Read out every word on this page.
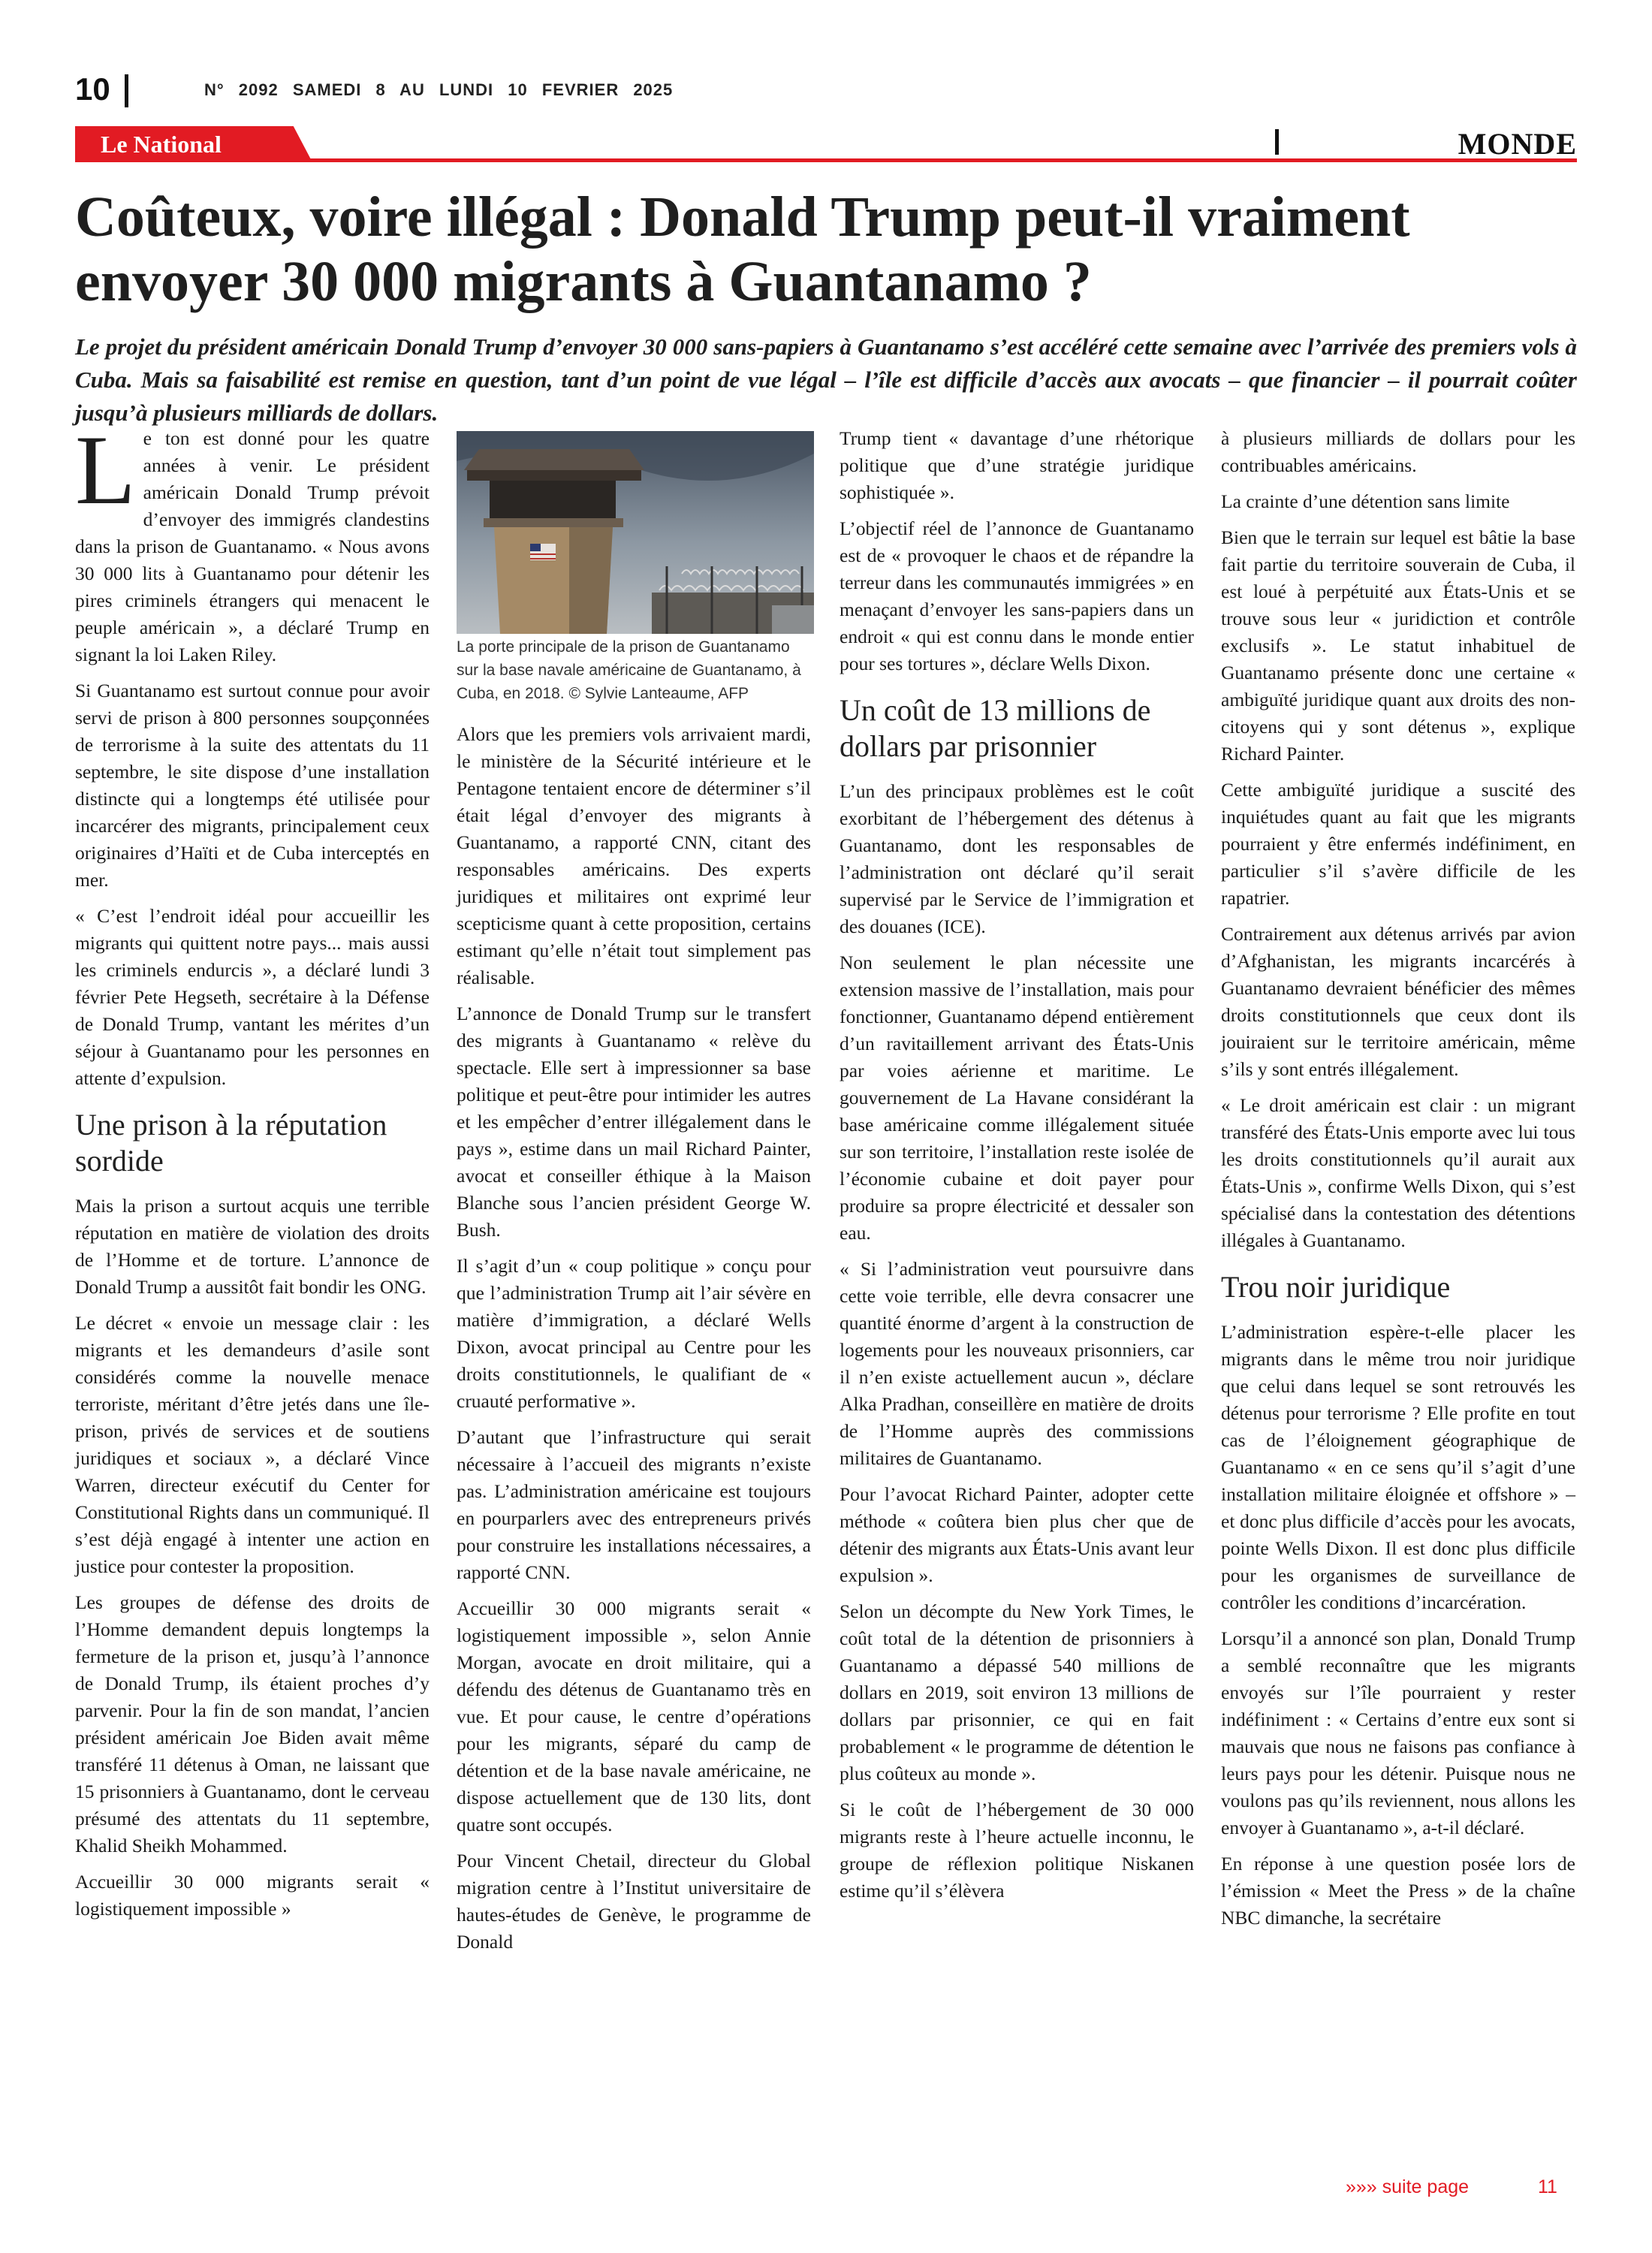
10	N° 2092 SAMEDI 8 AU LUNDI 10 FEVRIER 2025
Le National	MONDE
Coûteux, voire illégal : Donald Trump peut-il vraiment envoyer 30 000 migrants à Guantanamo ?

Le projet du président américain Donald Trump d’envoyer 30 000 sans-papiers à Guantanamo s’est accéléré cette semaine avec l’arrivée des premiers vols à Cuba. Mais sa faisabilité est remise en question, tant d’un point de vue légal – l’île est difficile d’accès aux avocats – que financier – il pourrait coûter jusqu’à plusieurs milliards de dollars.

Le ton est donné pour les quatre années à venir. Le président américain Donald Trump prévoit d’envoyer des immigrés clandestins dans la prison de Guantanamo. « Nous avons 30 000 lits à Guantanamo pour détenir les pires criminels étrangers qui menacent le peuple américain », a déclaré Trump en signant la loi Laken Riley.

Si Guantanamo est surtout connue pour avoir servi de prison à 800 personnes soupçonnées de terrorisme à la suite des attentats du 11 septembre, le site dispose d’une installation distincte qui a longtemps été utilisée pour incarcérer des migrants, principalement ceux originaires d’Haïti et de Cuba interceptés en mer.

« C’est l’endroit idéal pour accueillir les migrants qui quittent notre pays... mais aussi les criminels endurcis », a déclaré lundi 3 février Pete Hegseth, secrétaire à la Défense de Donald Trump, vantant les mérites d’un séjour à Guantanamo pour les personnes en attente d’expulsion.

Une prison à la réputation sordide

Mais la prison a surtout acquis une terrible réputation en matière de violation des droits de l’Homme et de torture. L’annonce de Donald Trump a aussitôt fait bondir les ONG.

Le décret « envoie un message clair : les migrants et les demandeurs d’asile sont considérés comme la nouvelle menace terroriste, méritant d’être jetés dans une île-prison, privés de services et de soutiens juridiques et sociaux », a déclaré Vince Warren, directeur exécutif du Center for Constitutional Rights dans un communiqué. Il s’est déjà engagé à intenter une action en justice pour contester la proposition.

Les groupes de défense des droits de l’Homme demandent depuis longtemps la fermeture de la prison et, jusqu’à l’annonce de Donald Trump, ils étaient proches d’y parvenir. Pour la fin de son mandat, l’ancien président américain Joe Biden avait même transféré 11 détenus à Oman, ne laissant que 15 prisonniers à Guantanamo, dont le cerveau présumé des attentats du 11 septembre, Khalid Sheikh Mohammed.

Accueillir 30 000 migrants serait « logistiquement impossible »

La porte principale de la prison de Guantanamo sur la base navale américaine de Guantanamo, à Cuba, en 2018. © Sylvie Lanteaume, AFP

Alors que les premiers vols arrivaient mardi, le ministère de la Sécurité intérieure et le Pentagone tentaient encore de déterminer s’il était légal d’envoyer des migrants à Guantanamo, a rapporté CNN, citant des responsables américains. Des experts juridiques et militaires ont exprimé leur scepticisme quant à cette proposition, certains estimant qu’elle n’était tout simplement pas réalisable.

L’annonce de Donald Trump sur le transfert des migrants à Guantanamo « relève du spectacle. Elle sert à impressionner sa base politique et peut-être pour intimider les autres et les empêcher d’entrer illégalement dans le pays », estime dans un mail Richard Painter, avocat et conseiller éthique à la Maison Blanche sous l’ancien président George W. Bush.

Il s’agit d’un « coup politique » conçu pour que l’administration Trump ait l’air sévère en matière d’immigration, a déclaré Wells Dixon, avocat principal au Centre pour les droits constitutionnels, le qualifiant de « cruauté performative ».

D’autant que l’infrastructure qui serait nécessaire à l’accueil des migrants n’existe pas. L’administration américaine est toujours en pourparlers avec des entrepreneurs privés pour construire les installations nécessaires, a rapporté CNN.

Accueillir 30 000 migrants serait « logistiquement impossible », selon Annie Morgan, avocate en droit militaire, qui a défendu des détenus de Guantanamo très en vue. Et pour cause, le centre d’opérations pour les migrants, séparé du camp de détention et de la base navale américaine, ne dispose actuellement que de 130 lits, dont quatre sont occupés.

Pour Vincent Chetail, directeur du Global migration centre à l’Institut universitaire de hautes-études de Genève, le programme de Donald

Trump tient « davantage d’une rhétorique politique que d’une stratégie juridique sophistiquée ».

L’objectif réel de l’annonce de Guantanamo est de « provoquer le chaos et de répandre la terreur dans les communautés immigrées » en menaçant d’envoyer les sans-papiers dans un endroit « qui est connu dans le monde entier pour ses tortures », déclare Wells Dixon.

Un coût de 13 millions de dollars par prisonnier

L’un des principaux problèmes est le coût exorbitant de l’hébergement des détenus à Guantanamo, dont les responsables de l’administration ont déclaré qu’il serait supervisé par le Service de l’immigration et des douanes (ICE).

Non seulement le plan nécessite une extension massive de l’installation, mais pour fonctionner, Guantanamo dépend entièrement d’un ravitaillement arrivant des États-Unis par voies aérienne et maritime. Le gouvernement de La Havane considérant la base américaine comme illégalement située sur son territoire, l’installation reste isolée de l’économie cubaine et doit payer pour produire sa propre électricité et dessaler son eau.

« Si l’administration veut poursuivre dans cette voie terrible, elle devra consacrer une quantité énorme d’argent à la construction de logements pour les nouveaux prisonniers, car il n’en existe actuellement aucun », déclare Alka Pradhan, conseillère en matière de droits de l’Homme auprès des commissions militaires de Guantanamo.

Pour l’avocat Richard Painter, adopter cette méthode « coûtera bien plus cher que de détenir des migrants aux États-Unis avant leur expulsion ».

Selon un décompte du New York Times, le coût total de la détention de prisonniers à Guantanamo a dépassé 540 millions de dollars en 2019, soit environ 13 millions de dollars par prisonnier, ce qui en fait probablement « le programme de détention le plus coûteux au monde ».

Si le coût de l’hébergement de 30 000 migrants reste à l’heure actuelle inconnu, le groupe de réflexion politique Niskanen estime qu’il s’élèvera

à plusieurs milliards de dollars pour les contribuables américains.

La crainte d’une détention sans limite

Bien que le terrain sur lequel est bâtie la base fait partie du territoire souverain de Cuba, il est loué à perpétuité aux États-Unis et se trouve sous leur « juridiction et contrôle exclusifs ». Le statut inhabituel de Guantanamo présente donc une certaine « ambiguïté juridique quant aux droits des non-citoyens qui y sont détenus », explique Richard Painter.

Cette ambiguïté juridique a suscité des inquiétudes quant au fait que les migrants pourraient y être enfermés indéfiniment, en particulier s’il s’avère difficile de les rapatrier.

Contrairement aux détenus arrivés par avion d’Afghanistan, les migrants incarcérés à Guantanamo devraient bénéficier des mêmes droits constitutionnels que ceux dont ils jouiraient sur le territoire américain, même s’ils y sont entrés illégalement.

« Le droit américain est clair : un migrant transféré des États-Unis emporte avec lui tous les droits constitutionnels qu’il aurait aux États-Unis », confirme Wells Dixon, qui s’est spécialisé dans la contestation des détentions illégales à Guantanamo.

Trou noir juridique

L’administration espère-t-elle placer les migrants dans le même trou noir juridique que celui dans lequel se sont retrouvés les détenus pour terrorisme ? Elle profite en tout cas de l’éloignement géographique de Guantanamo « en ce sens qu’il s’agit d’une installation militaire éloignée et offshore » – et donc plus difficile d’accès pour les avocats, pointe Wells Dixon. Il est donc plus difficile pour les organismes de surveillance de contrôler les conditions d’incarcération.

Lorsqu’il a annoncé son plan, Donald Trump a semblé reconnaître que les migrants envoyés sur l’île pourraient y rester indéfiniment : « Certains d’entre eux sont si mauvais que nous ne faisons pas confiance à leurs pays pour les détenir. Puisque nous ne voulons pas qu’ils reviennent, nous allons les envoyer à Guantanamo », a-t-il déclaré.

En réponse à une question posée lors de l’émission « Meet the Press » de la chaîne NBC dimanche, la secrétaire

»»» suite page	11
